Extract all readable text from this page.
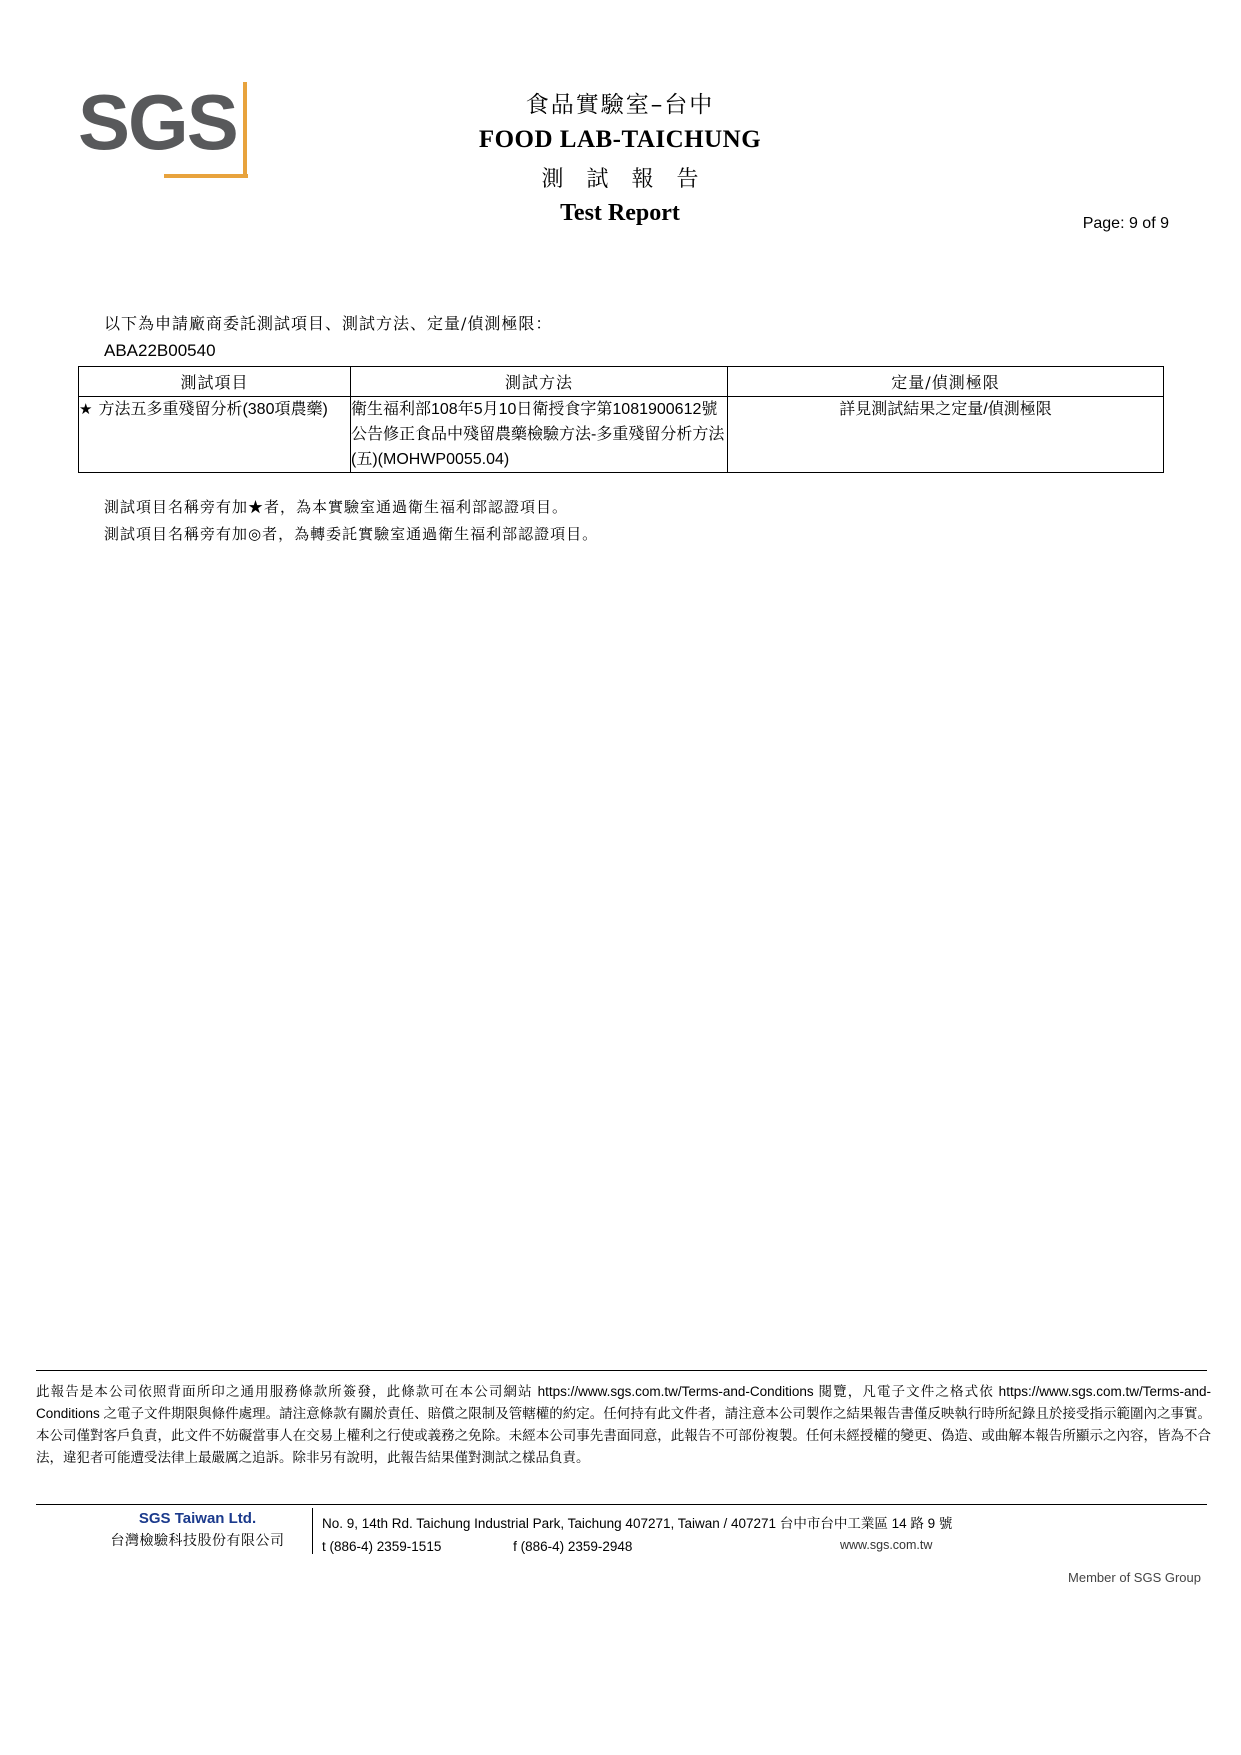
SGS	食品實驗室–台中
FOOD LAB-TAICHUNG
測 試 報 告
Test Report	Page: 9 of 9
以下為申請廠商委託測試項目、測試方法、定量/偵測極限：
ABA22B00540
測試項目	測試方法	定量/偵測極限
★ 方法五多重殘留分析(380項農藥)	衛生福利部108年5月10日衛授食字第1081900612號公告修正食品中殘留農藥檢驗方法-多重殘留分析方法(五)(MOHWP0055.04)	詳見測試結果之定量/偵測極限
測試項目名稱旁有加★者，為本實驗室通過衛生福利部認證項目。
測試項目名稱旁有加◎者，為轉委託實驗室通過衛生福利部認證項目。
此報告是本公司依照背面所印之通用服務條款所簽發，此條款可在本公司網站 https://www.sgs.com.tw/Terms-and-Conditions 閱覽，凡電子文件之格式依 https://www.sgs.com.tw/Terms-and-Conditions 之電子文件期限與條件處理。請注意條款有關於責任、賠償之限制及管轄權的約定。任何持有此文件者，請注意本公司製作之結果報告書僅反映執行時所紀錄且於接受指示範圍內之事實。本公司僅對客戶負責，此文件不妨礙當事人在交易上權利之行使或義務之免除。未經本公司事先書面同意，此報告不可部份複製。任何未經授權的變更、偽造、或曲解本報告所顯示之內容，皆為不合法，違犯者可能遭受法律上最嚴厲之追訴。除非另有說明，此報告結果僅對測試之樣品負責。
SGS Taiwan Ltd.
台灣檢驗科技股份有限公司
No. 9, 14th Rd. Taichung Industrial Park, Taichung 407271, Taiwan / 407271 台中市台中工業區 14 路 9 號
t (886-4) 2359-1515	f (886-4) 2359-2948	www.sgs.com.tw
Member of SGS Group
